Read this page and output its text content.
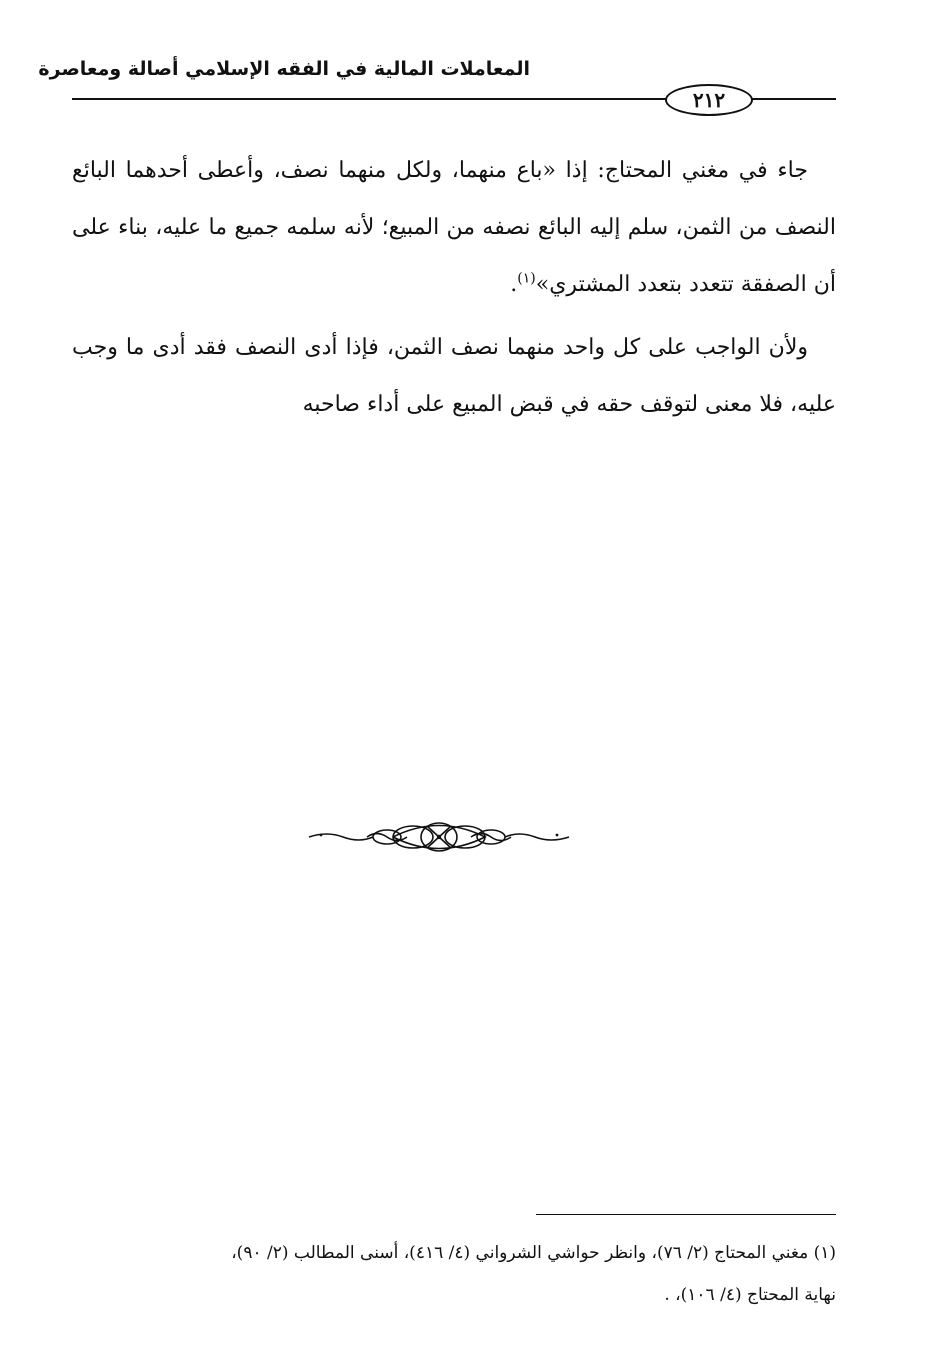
المعاملات المالية في الفقه الإسلامي أصالة ومعاصرة
٢١٢

جاء في مغني المحتاج: إذا «باع منهما، ولكل منهما نصف، وأعطى أحدهما البائع النصف من الثمن، سلم إليه البائع نصفه من المبيع؛ لأنه سلمه جميع ما عليه، بناء على أن الصفقة تتعدد بتعدد المشتري»$^{(١)}$.

ولأن الواجب على كل واحد منهما نصف الثمن، فإذا أدى النصف فقد أدى ما وجب عليه، فلا معنى لتوقف حقه في قبض المبيع على أداء صاحبه

(١) مغني المحتاج (٢/ ٧٦)، وانظر حواشي الشرواني (٤/ ٤١٦)، أسنى المطالب (٢/ ٩٠)،

نهاية المحتاج (٤/ ١٠٦)، .
